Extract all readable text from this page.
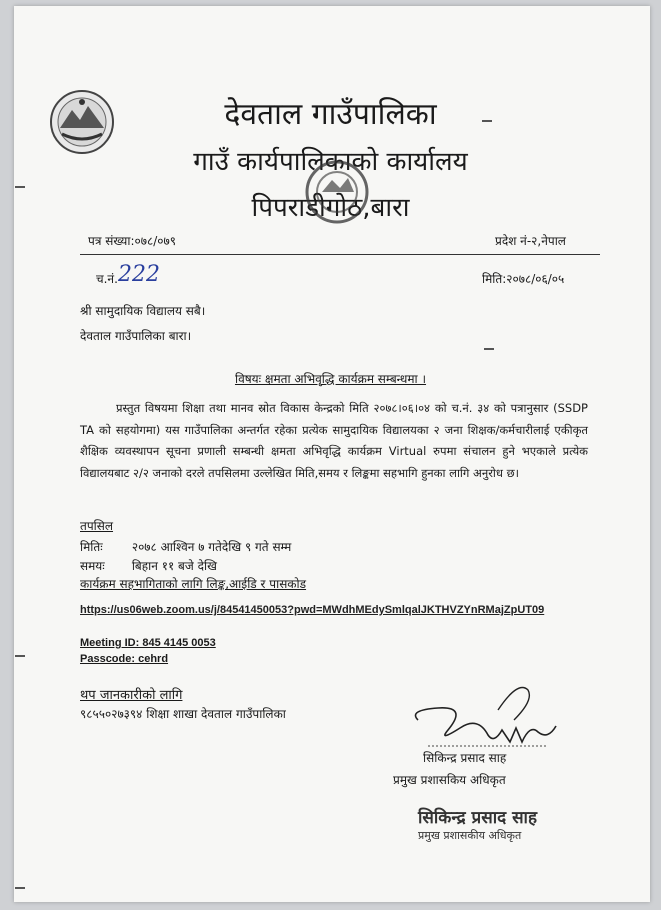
देवताल गाउँपालिका
गाउँ कार्यपालिकाको कार्यालय
पिपराडीगोठ,बारा
पत्र संख्या:०७८/०७९	प्रदेश नं-२,नेपाल
च.नं. 222	मिति:२०७८/०६/०५
श्री सामुदायिक विद्यालय सबै।
देवताल गाउँपालिका बारा।
विषयः क्षमता अभिवृद्धि कार्यक्रम सम्बन्धमा ।
प्रस्तुत विषयमा शिक्षा तथा मानव स्रोत विकास केन्द्रको मिति २०७८।०६।०४ को च.नं. ३४ को पत्रानुसार (SSDP TA को सहयोगमा) यस गाउँपालिका अन्तर्गत रहेका प्रत्येक सामुदायिक विद्यालयका २ जना शिक्षक/कर्मचारीलाई एकीकृत शैक्षिक व्यवस्थापन सूचना प्रणाली सम्बन्धी क्षमता अभिवृद्धि कार्यक्रम Virtual रुपमा संचालन हुने भएकाले प्रत्येक विद्यालयबाट २/२ जनाको दरले तपसिलमा उल्लेखित मिति,समय र लिङ्कमा सहभागि हुनका लागि अनुरोध छ।
तपसिल
मितिः २०७८ आश्विन ७ गतेदेखि ९ गते सम्म
समयः बिहान ११ बजे देखि
कार्यक्रम सहभागिताको लागि लिङ्क,आईडि र पासकोड
https://us06web.zoom.us/j/84541450053?pwd=MWdhMEdySmlqalJKTHVZYnRMajZpUT09
Meeting ID: 845 4145 0053
Passcode: cehrd
थप जानकारीको लागि
९८५५०२७३९४ शिक्षा शाखा देवताल गाउँपालिका
सिकिन्द्र प्रसाद साह
प्रमुख प्रशासकिय अधिकृत
सिकिन्द्र प्रसाद साह
प्रमुख प्रशासकीय अधिकृत
